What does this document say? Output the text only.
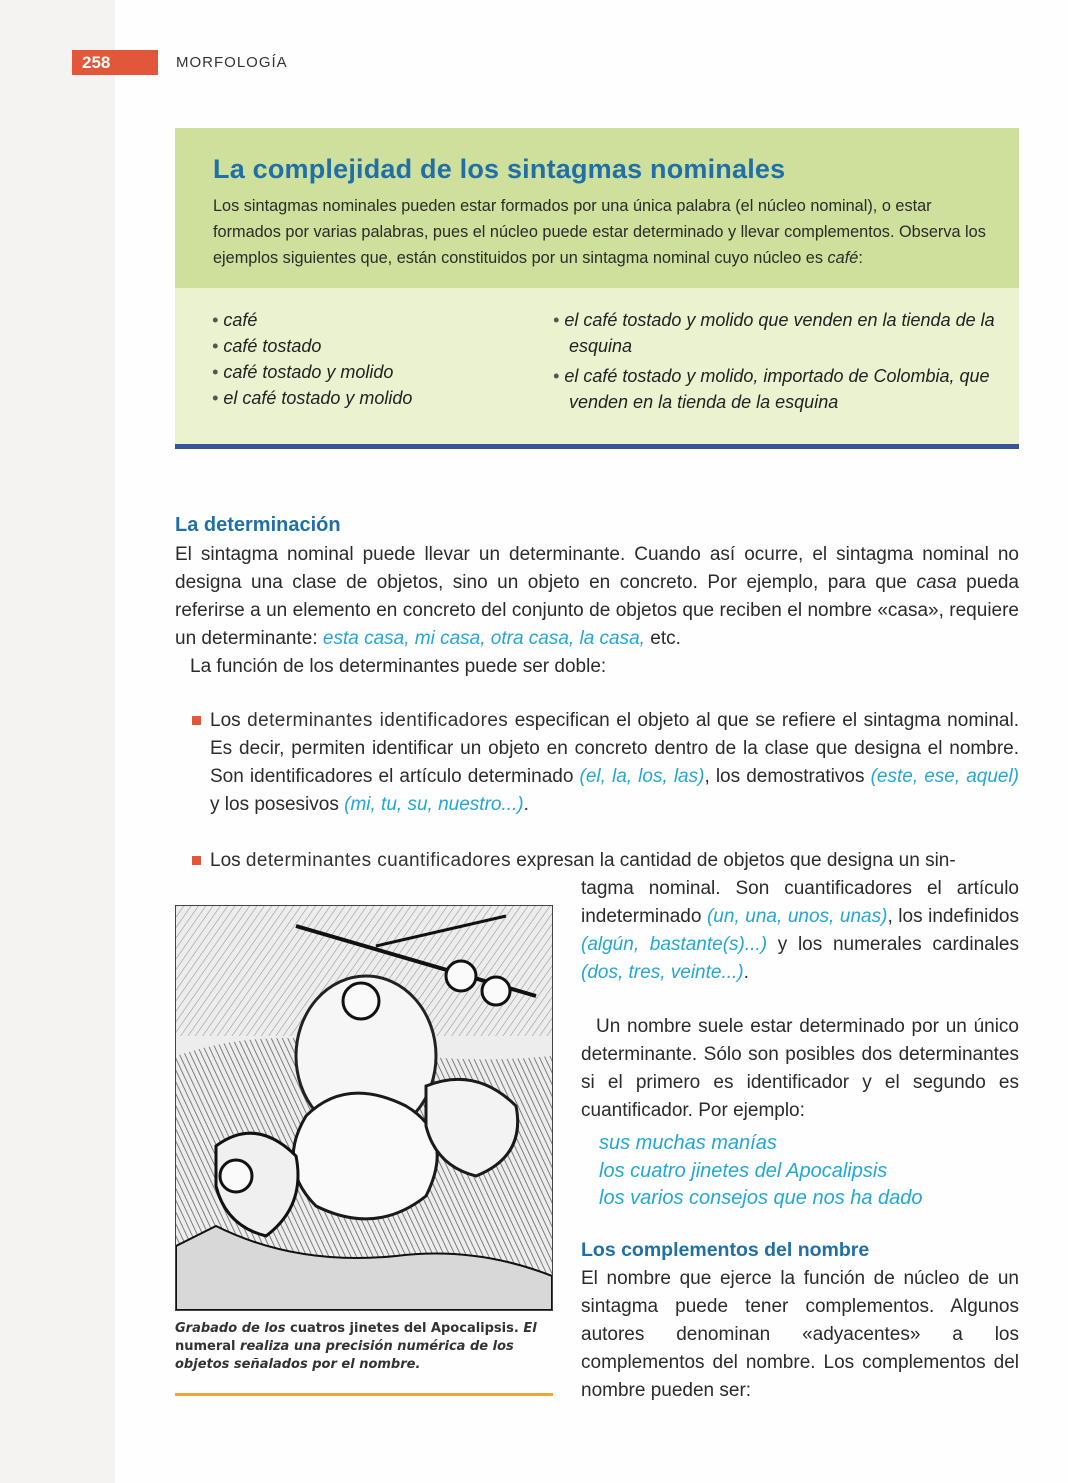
258	MORFOLOGÍA
La complejidad de los sintagmas nominales
Los sintagmas nominales pueden estar formados por una única palabra (el núcleo nominal), o estar formados por varias palabras, pues el núcleo puede estar determinado y llevar complementos. Observa los ejemplos siguientes que, están constituidos por un sintagma nominal cuyo núcleo es café:
• café
• café tostado
• café tostado y molido
• el café tostado y molido
• el café tostado y molido que venden en la tienda de la esquina
• el café tostado y molido, importado de Colombia, que venden en la tienda de la esquina
La determinación

El sintagma nominal puede llevar un determinante. Cuando así ocurre, el sintagma nominal no designa una clase de objetos, sino un objeto en concreto. Por ejemplo, para que casa pueda referirse a un elemento en concreto del conjunto de objetos que reciben el nombre «casa», requiere un determinante: esta casa, mi casa, otra casa, la casa, etc.

La función de los determinantes puede ser doble:

Los determinantes identificadores especifican el objeto al que se refiere el sintagma nominal. Es decir, permiten identificar un objeto en concreto dentro de la clase que designa el nombre. Son identificadores el artículo determinado (el, la, los, las), los demostrativos (este, ese, aquel) y los posesivos (mi, tu, su, nuestro...).

Los determinantes cuantificadores expresan la cantidad de objetos que designa un sin-

tagma nominal. Son cuantificadores el artículo indeterminado (un, una, unos, unas), los indefinidos (algún, bastante(s)...) y los numerales cardinales (dos, tres, veinte...).

Un nombre suele estar determinado por un único determinante. Sólo son posibles dos determinantes si el primero es identificador y el segundo es cuantificador. Por ejemplo:

sus muchas manías
los cuatro jinetes del Apocalipsis
los varios consejos que nos ha dado
Grabado de los cuatros jinetes del Apocalipsis. El numeral realiza una precisión numérica de los objetos señalados por el nombre.
Los complementos del nombre

El nombre que ejerce la función de núcleo de un sintagma puede tener complementos. Algunos autores denominan «adyacentes» a los complementos del nombre. Los complementos del nombre pueden ser:
